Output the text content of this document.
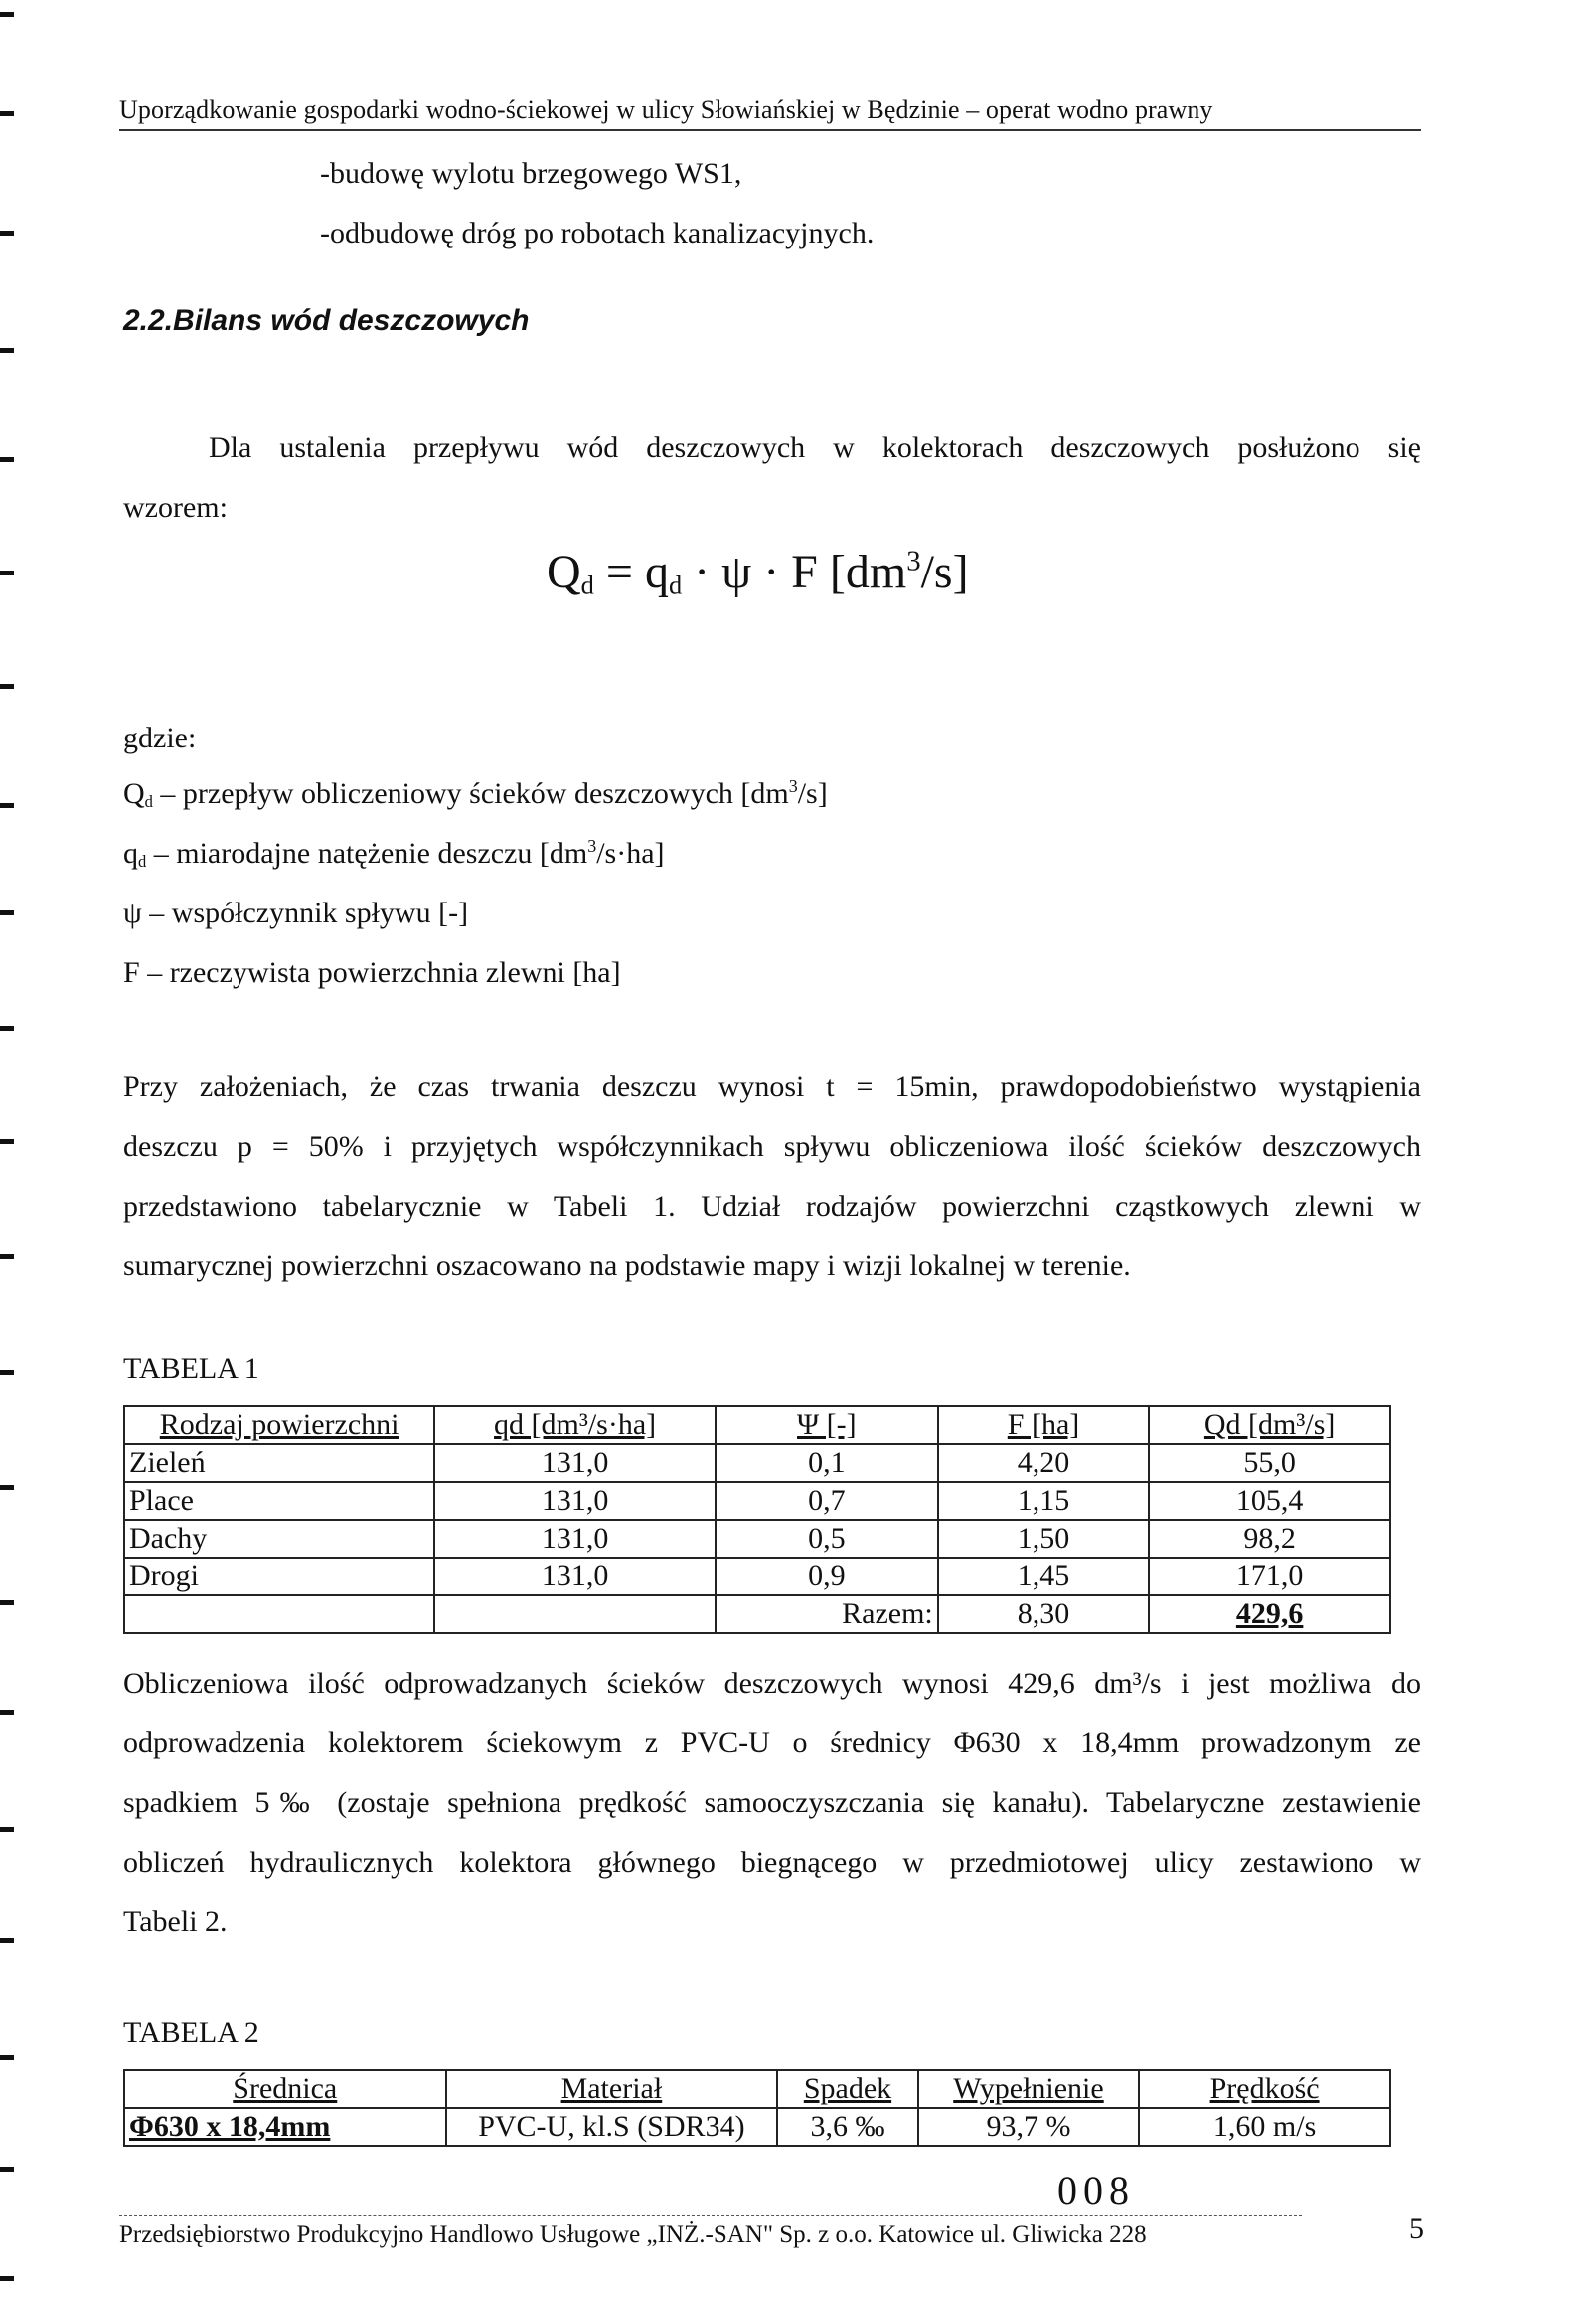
Uporządkowanie gospodarki wodno-ściekowej w ulicy Słowiańskiej w Będzinie – operat wodno prawny
-budowę wylotu brzegowego WS1,
-odbudowę dróg po robotach kanalizacyjnych.
2.2.Bilans wód deszczowych
Dla ustalenia przepływu wód deszczowych w kolektorach deszczowych posłużono się
wzorem:
$Q_d = q_d \cdot \psi \cdot F$ $[dm^3/s]$
gdzie:
$Q_d$ – przepływ obliczeniowy ścieków deszczowych $[dm^3/s]$
$q_d$ – miarodajne natężenie deszczu $[dm^3/s\cdot ha]$
ψ – współczynnik spływu [-]
F – rzeczywista powierzchnia zlewni [ha]
Przy założeniach, że czas trwania deszczu wynosi t = 15min, prawdopodobieństwo wystąpienia
deszczu p = 50% i przyjętych współczynnikach spływu obliczeniowa ilość ścieków deszczowych
przedstawiono tabelarycznie w Tabeli 1. Udział rodzajów powierzchni cząstkowych zlewni w
sumarycznej powierzchni oszacowano na podstawie mapy i wizji lokalnej w terenie.
TABELA 1
Rodzaj powierzchni	qd [dm³/s·ha]	Ψ [-]	F [ha]	Qd [dm³/s]
Zieleń	131,0	0,1	4,20	55,0
Place	131,0	0,7	1,15	105,4
Dachy	131,0	0,5	1,50	98,2
Drogi	131,0	0,9	1,45	171,0
		Razem:	8,30	429,6
Obliczeniowa ilość odprowadzanych ścieków deszczowych wynosi 429,6 dm³/s i jest możliwa do
odprowadzenia kolektorem ściekowym z PVC-U o średnicy Φ630 x 18,4mm prowadzonym ze
spadkiem 5‰ (zostaje spełniona prędkość samooczyszczania się kanału). Tabelaryczne zestawienie
obliczeń hydraulicznych kolektora głównego biegnącego w przedmiotowej ulicy zestawiono w
Tabeli 2.
TABELA 2
Średnica	Materiał	Spadek	Wypełnienie	Prędkość
Φ630 x 18,4mm	PVC-U, kl.S (SDR34)	3,6 ‰	93,7 %	1,60 m/s
008
Przedsiębiorstwo Produkcyjno Handlowo Usługowe „INŻ.-SAN" Sp. z o.o. Katowice ul. Gliwicka 228	5
